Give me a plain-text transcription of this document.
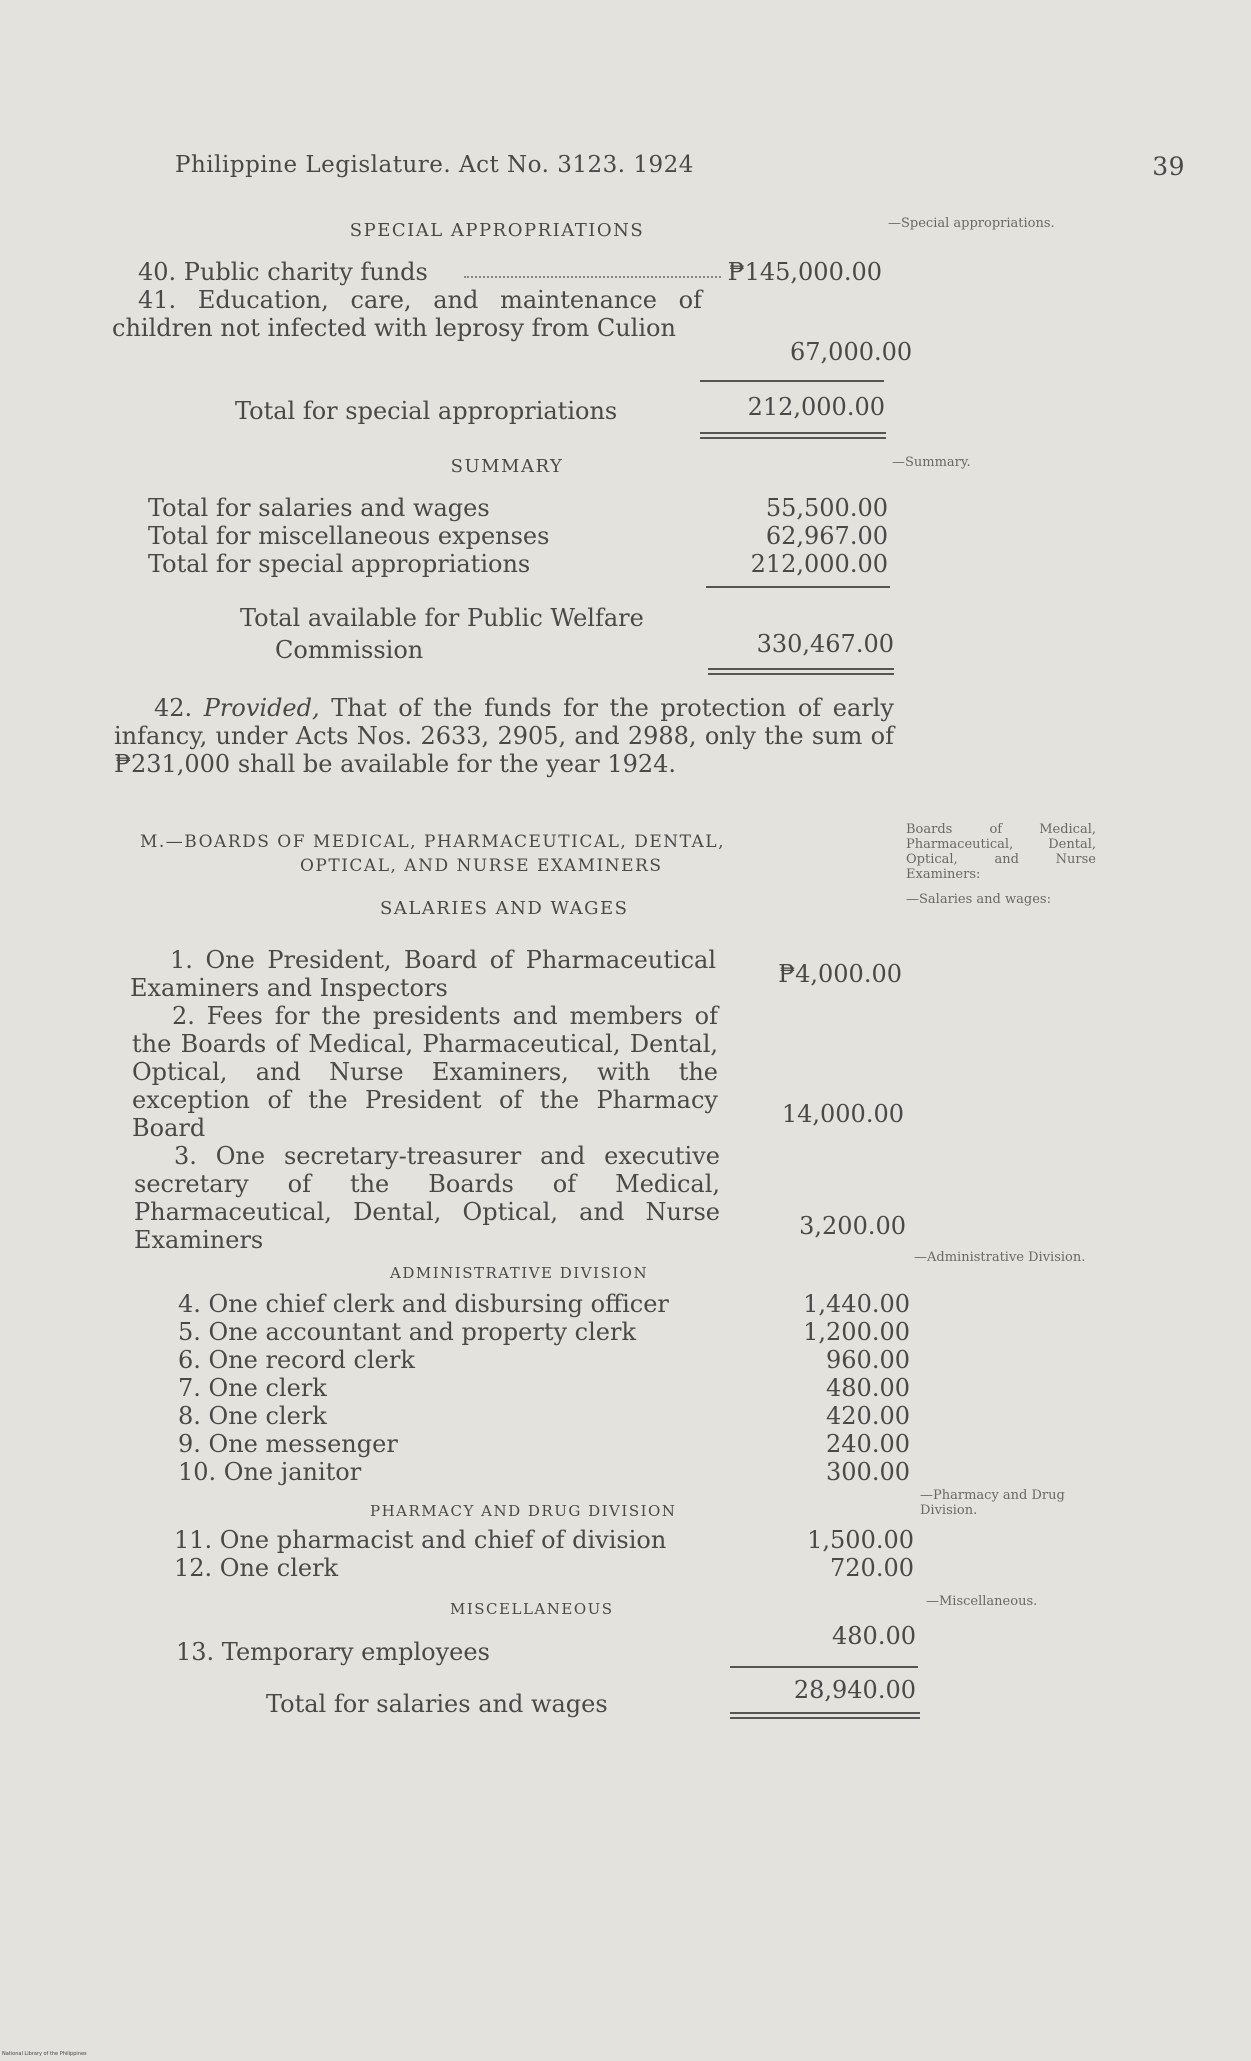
Philippine Legislature. Act No. 3123. 1924	39
SPECIAL APPROPRIATIONS	—Special appropriations.
40. Public charity funds	₱145,000.00
41. Education, care, and maintenance of children not infected with leprosy from Culion
67,000.00
Total for special appropriations	212,000.00
SUMMARY	—Summary.
Total for salaries and wages	55,500.00
Total for miscellaneous expenses	62,967.00
Total for special appropriations	212,000.00
Total available for Public Welfare
Commission	330,467.00
42. Provided, That of the funds for the protection of early infancy, under Acts Nos. 2633, 2905, and 2988, only the sum of ₱231,000 shall be available for the year 1924.
M.—BOARDS OF MEDICAL, PHARMACEUTICAL, DENTAL,
OPTICAL, AND NURSE EXAMINERS
SALARIES AND WAGES
Boards of Medical, Pharmaceutical, Dental, Optical, and Nurse Examiners:
—Salaries and wages:
1. One President, Board of Pharmaceutical Examiners and Inspectors	₱4,000.00
2. Fees for the presidents and members of the Boards of Medical, Pharmaceutical, Dental, Optical, and Nurse Examiners, with the exception of the President of the Pharmacy Board	14,000.00
3. One secretary-treasurer and executive secretary of the Boards of Medical, Pharmaceutical, Dental, Optical, and Nurse Examiners	3,200.00
ADMINISTRATIVE DIVISION
—Administrative Division.
4. One chief clerk and disbursing officer	1,440.00
5. One accountant and property clerk	1,200.00
6. One record clerk	960.00
7. One clerk	480.00
8. One clerk	420.00
9. One messenger	240.00
10. One janitor	300.00
PHARMACY AND DRUG DIVISION
—Pharmacy and Drug Division.
11. One pharmacist and chief of division	1,500.00
12. One clerk	720.00
MISCELLANEOUS	—Miscellaneous.
13. Temporary employees
480.00
Total for salaries and wages	28,940.00
National Library of the Philippines
